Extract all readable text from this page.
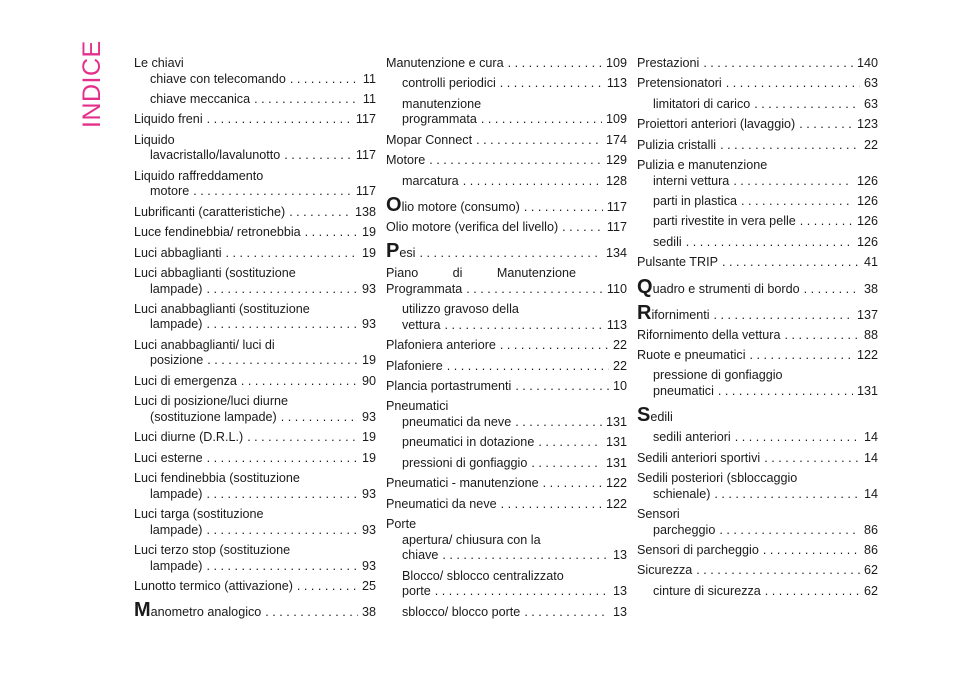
INDICE Le chiavi
chiave con telecomando . . .	11
chiave meccanica . . .	11
Liquido freni . . .	117
Liquido
lavacristallo/lavalunotto . . .	117
Liquido raffreddamento
motore . . .	117
Lubrificanti (caratteristiche) . . .	138
Luce fendinebbia/ retronebbia . . .	19
Luci abbaglianti . . .	19
Luci abbaglianti (sostituzione
lampade) . . .	93
Luci anabbaglianti (sostituzione
lampade) . . .	93
Luci anabbaglianti/ luci di
posizione . . .	19
Luci di emergenza . . .	90
Luci di posizione/luci diurne
(sostituzione lampade) . . .	93
Luci diurne (D.R.L.) . . .	19
Luci esterne . . .	19
Luci fendinebbia (sostituzione
lampade) . . .	93
Luci targa (sostituzione
lampade) . . .	93
Luci terzo stop (sostituzione
lampade) . . .	93
Lunotto termico (attivazione) . . .	25
Manometro analogico . . .	38
Manutenzione e cura . . .	109
controlli periodici . . .	113
manutenzione
programmata . . .	109
Mopar Connect . . .	174
Motore . . .	129
marcatura . . .	128
Olio motore (consumo) . . .	117
Olio motore (verifica del livello) . . .	117
Pesi . . .	134
Piano	di	Manutenzione
Programmata . . .	110
utilizzo gravoso della
vettura . . .	113
Plafoniera anteriore . . .	22
Plafoniere . . .	22
Plancia portastrumenti . . .	10
Pneumatici
pneumatici da neve . . .	131
pneumatici in dotazione . . .	131
pressioni di gonfiaggio . . .	131
Pneumatici - manutenzione . . .	122
Pneumatici da neve . . .	122
Porte
apertura/ chiusura con la
chiave . . .	13
Blocco/ sblocco centralizzato
porte . . .	13
sblocco/ blocco porte . . .	13
Prestazioni . . .	140
Pretensionatori . . .	63
limitatori di carico . . .	63
Proiettori anteriori (lavaggio) . . .	123
Pulizia cristalli . . .	22
Pulizia e manutenzione
interni vettura . . .	126
parti in plastica . . .	126
parti rivestite in vera pelle . . .	126
sedili . . .	126
Pulsante TRIP . . .	41
Quadro e strumenti di bordo . . .	38
Rifornimenti . . .	137
Rifornimento della vettura . . .	88
Ruote e pneumatici . . .	122
pressione di gonfiaggio
pneumatici . . .	131
Sedili
sedili anteriori . . .	14
Sedili anteriori sportivi . . .	14
Sedili posteriori (sbloccaggio
schienale) . . .	14
Sensori
parcheggio . . .	86
Sensori di parcheggio . . .	86
Sicurezza . . .	62
cinture di sicurezza . . .	62
